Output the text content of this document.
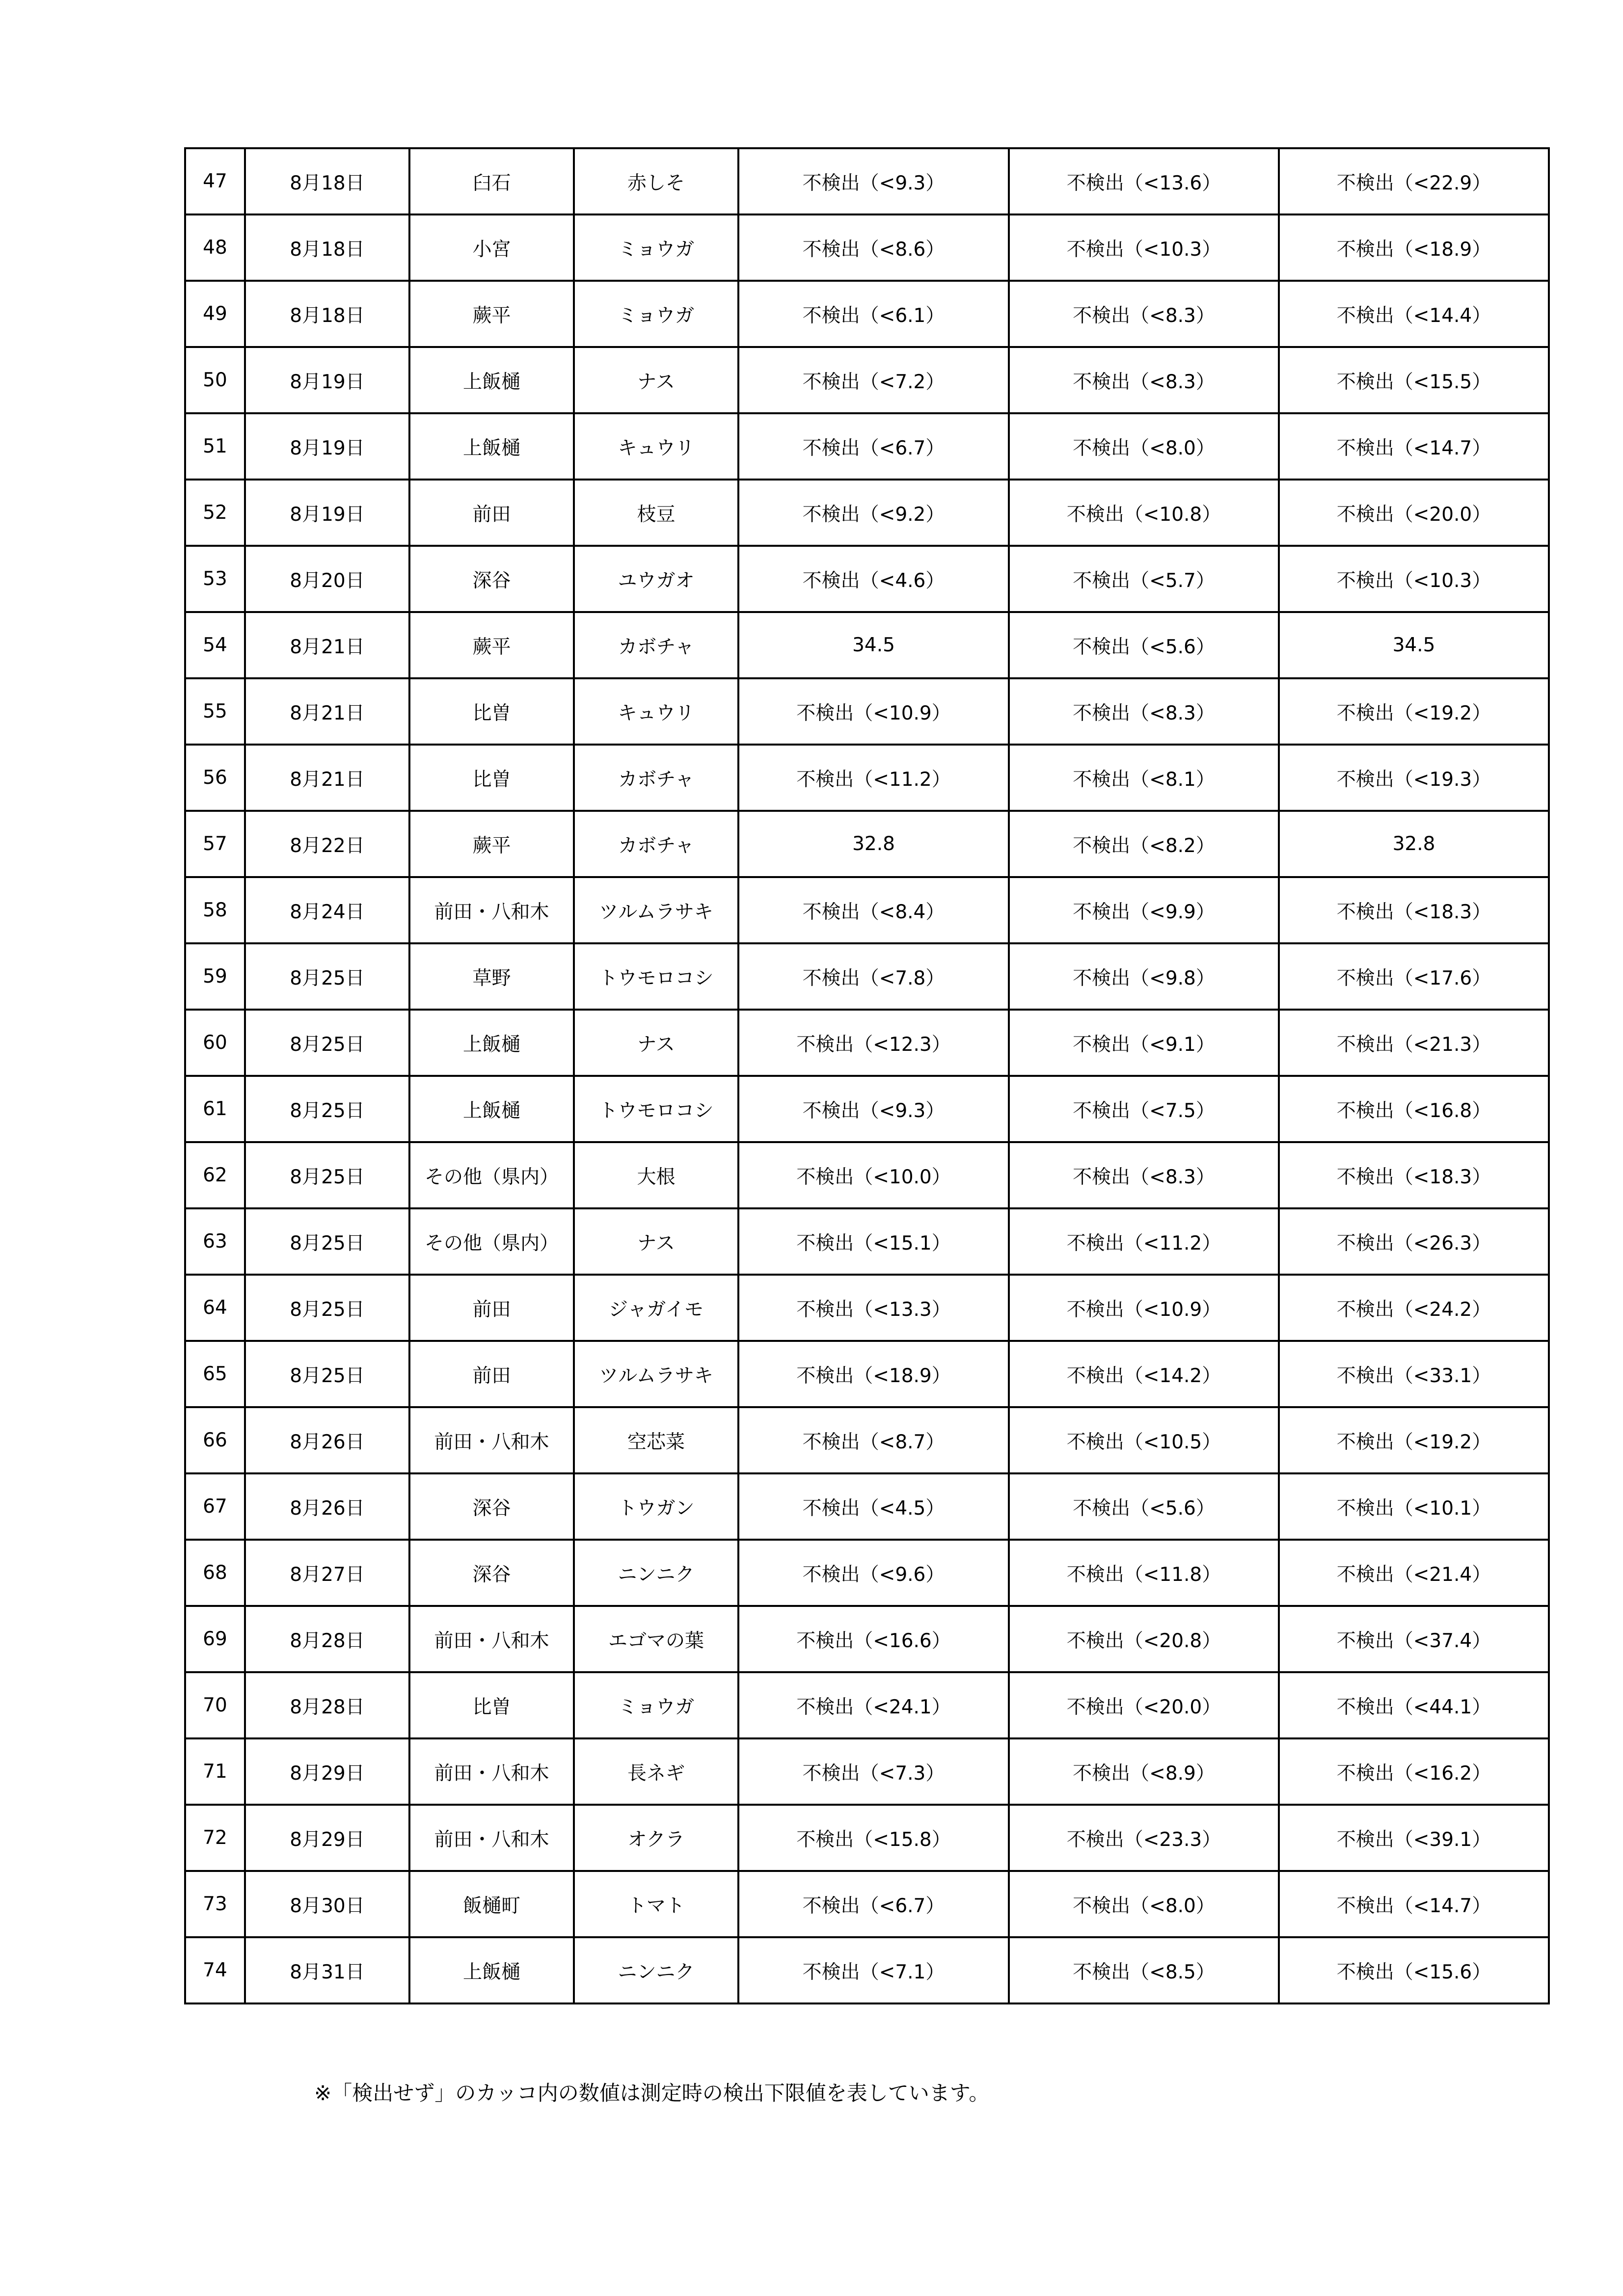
47	8月18日	臼石	赤しそ	不検出（<9.3）	不検出（<13.6）	不検出（<22.9）
48	8月18日	小宮	ミョウガ	不検出（<8.6）	不検出（<10.3）	不検出（<18.9）
49	8月18日	蕨平	ミョウガ	不検出（<6.1）	不検出（<8.3）	不検出（<14.4）
50	8月19日	上飯樋	ナス	不検出（<7.2）	不検出（<8.3）	不検出（<15.5）
51	8月19日	上飯樋	キュウリ	不検出（<6.7）	不検出（<8.0）	不検出（<14.7）
52	8月19日	前田	枝豆	不検出（<9.2）	不検出（<10.8）	不検出（<20.0）
53	8月20日	深谷	ユウガオ	不検出（<4.6）	不検出（<5.7）	不検出（<10.3）
54	8月21日	蕨平	カボチャ	34.5	不検出（<5.6）	34.5
55	8月21日	比曽	キュウリ	不検出（<10.9）	不検出（<8.3）	不検出（<19.2）
56	8月21日	比曽	カボチャ	不検出（<11.2）	不検出（<8.1）	不検出（<19.3）
57	8月22日	蕨平	カボチャ	32.8	不検出（<8.2）	32.8
58	8月24日	前田・八和木	ツルムラサキ	不検出（<8.4）	不検出（<9.9）	不検出（<18.3）
59	8月25日	草野	トウモロコシ	不検出（<7.8）	不検出（<9.8）	不検出（<17.6）
60	8月25日	上飯樋	ナス	不検出（<12.3）	不検出（<9.1）	不検出（<21.3）
61	8月25日	上飯樋	トウモロコシ	不検出（<9.3）	不検出（<7.5）	不検出（<16.8）
62	8月25日	その他（県内）	大根	不検出（<10.0）	不検出（<8.3）	不検出（<18.3）
63	8月25日	その他（県内）	ナス	不検出（<15.1）	不検出（<11.2）	不検出（<26.3）
64	8月25日	前田	ジャガイモ	不検出（<13.3）	不検出（<10.9）	不検出（<24.2）
65	8月25日	前田	ツルムラサキ	不検出（<18.9）	不検出（<14.2）	不検出（<33.1）
66	8月26日	前田・八和木	空芯菜	不検出（<8.7）	不検出（<10.5）	不検出（<19.2）
67	8月26日	深谷	トウガン	不検出（<4.5）	不検出（<5.6）	不検出（<10.1）
68	8月27日	深谷	ニンニク	不検出（<9.6）	不検出（<11.8）	不検出（<21.4）
69	8月28日	前田・八和木	エゴマの葉	不検出（<16.6）	不検出（<20.8）	不検出（<37.4）
70	8月28日	比曽	ミョウガ	不検出（<24.1）	不検出（<20.0）	不検出（<44.1）
71	8月29日	前田・八和木	長ネギ	不検出（<7.3）	不検出（<8.9）	不検出（<16.2）
72	8月29日	前田・八和木	オクラ	不検出（<15.8）	不検出（<23.3）	不検出（<39.1）
73	8月30日	飯樋町	トマト	不検出（<6.7）	不検出（<8.0）	不検出（<14.7）
74	8月31日	上飯樋	ニンニク	不検出（<7.1）	不検出（<8.5）	不検出（<15.6）
※「検出せず」のカッコ内の数値は測定時の検出下限値を表しています。
